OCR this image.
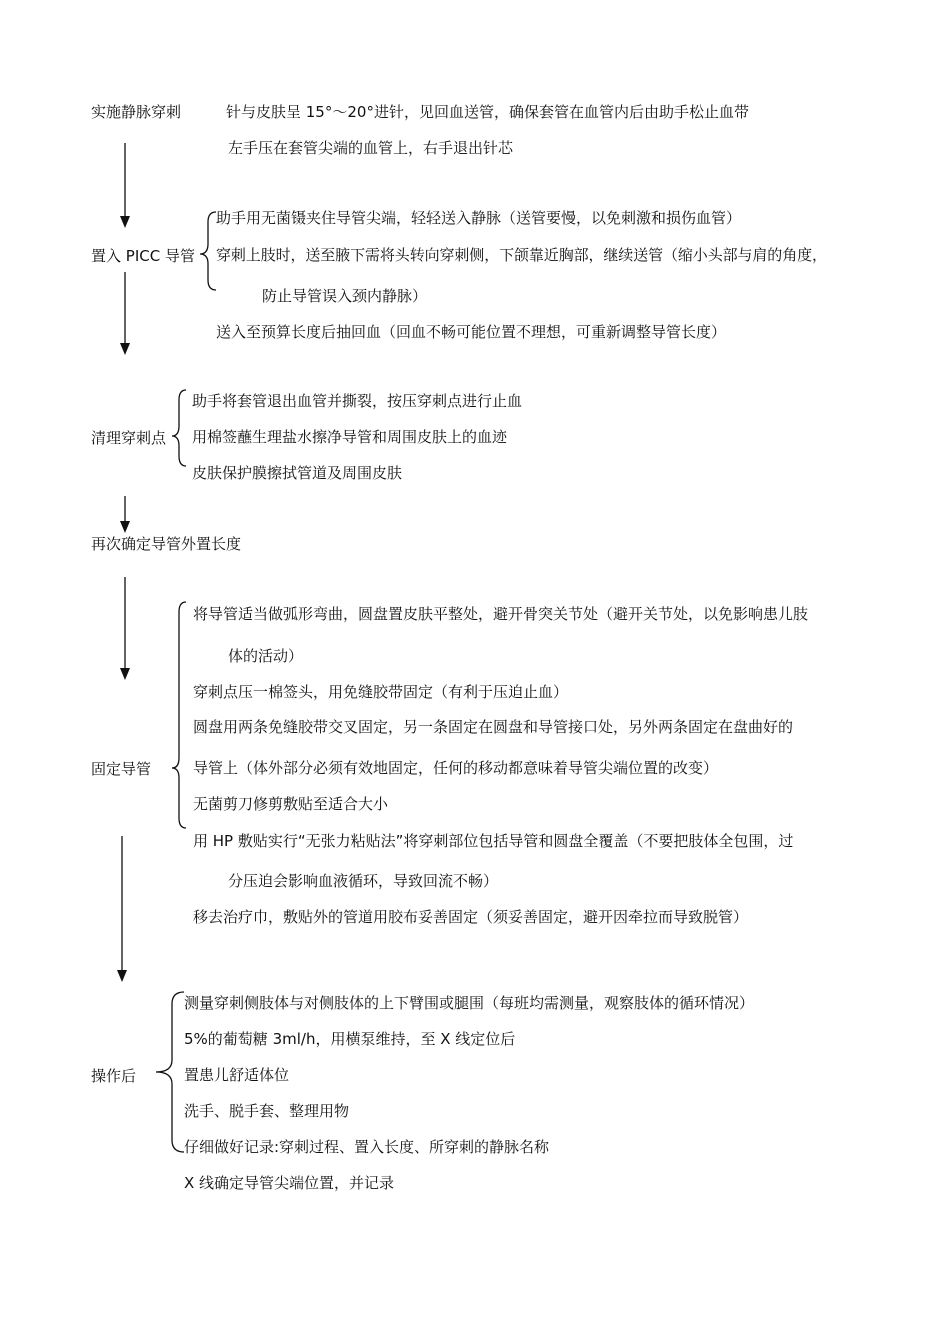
实施静脉穿刺	针与皮肤呈 15°～20°进针，见回血送管，确保套管在血管内后由助手松止血带
左手压在套管尖端的血管上，右手退出针芯
置入 PICC 导管
助手用无菌镊夹住导管尖端，轻轻送入静脉（送管要慢，以免刺激和损伤血管）
穿刺上肢时，送至腋下需将头转向穿刺侧，下颌靠近胸部，继续送管（缩小头部与肩的角度，
防止导管误入颈内静脉）
送入至预算长度后抽回血（回血不畅可能位置不理想，可重新调整导管长度）
清理穿刺点
助手将套管退出血管并撕裂，按压穿刺点进行止血
用棉签蘸生理盐水擦净导管和周围皮肤上的血迹
皮肤保护膜擦拭管道及周围皮肤
再次确定导管外置长度
固定导管
将导管适当做弧形弯曲，圆盘置皮肤平整处，避开骨突关节处（避开关节处，以免影响患儿肢
体的活动）
穿刺点压一棉签头，用免缝胶带固定（有利于压迫止血）
圆盘用两条免缝胶带交叉固定，另一条固定在圆盘和导管接口处，另外两条固定在盘曲好的
导管上（体外部分必须有效地固定，任何的移动都意味着导管尖端位置的改变）
无菌剪刀修剪敷贴至适合大小
用 HP 敷贴实行“无张力粘贴法”将穿刺部位包括导管和圆盘全覆盖（不要把肢体全包围，过
分压迫会影响血液循环，导致回流不畅）
移去治疗巾，敷贴外的管道用胶布妥善固定（须妥善固定，避开因牵拉而导致脱管）
操作后
测量穿刺侧肢体与对侧肢体的上下臂围或腿围（每班均需测量，观察肢体的循环情况）
5%的葡萄糖 3ml/h，用横泵维持，至 X 线定位后
置患儿舒适体位
洗手、脱手套、整理用物
仔细做好记录:穿刺过程、置入长度、所穿刺的静脉名称
X 线确定导管尖端位置，并记录
